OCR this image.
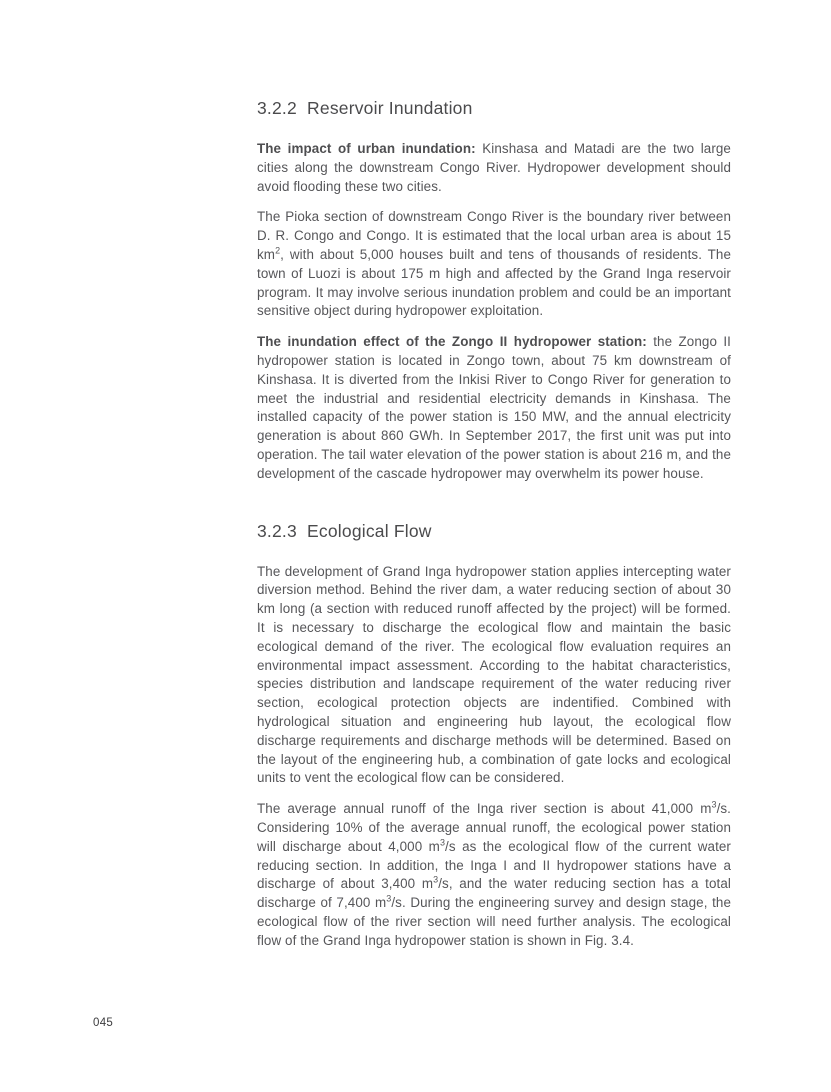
3.2.2  Reservoir Inundation

The impact of urban inundation: Kinshasa and Matadi are the two large cities along the downstream Congo River. Hydropower development should avoid flooding these two cities.

The Pioka section of downstream Congo River is the boundary river between D. R. Congo and Congo. It is estimated that the local urban area is about 15 $km^2$, with about 5,000 houses built and tens of thousands of residents. The town of Luozi is about 175 m high and affected by the Grand Inga reservoir program. It may involve serious inundation problem and could be an important sensitive object during hydropower exploitation.

The inundation effect of the Zongo II hydropower station: the Zongo II hydropower station is located in Zongo town, about 75 km downstream of Kinshasa. It is diverted from the Inkisi River to Congo River for generation to meet the industrial and residential electricity demands in Kinshasa. The installed capacity of the power station is 150 MW, and the annual electricity generation is about 860 GWh. In September 2017, the first unit was put into operation. The tail water elevation of the power station is about 216 m, and the development of the cascade hydropower may overwhelm its power house.

3.2.3  Ecological Flow

The development of Grand Inga hydropower station applies intercepting water diversion method. Behind the river dam, a water reducing section of about 30 km long (a section with reduced runoff affected by the project) will be formed. It is necessary to discharge the ecological flow and maintain the basic ecological demand of the river. The ecological flow evaluation requires an environmental impact assessment. According to the habitat characteristics, species distribution and landscape requirement of the water reducing river section, ecological protection objects are indentified. Combined with hydrological situation and engineering hub layout, the ecological flow discharge requirements and discharge methods will be determined. Based on the layout of the engineering hub, a combination of gate locks and ecological units to vent the ecological flow can be considered.

The average annual runoff of the Inga river section is about 41,000 $m^3/s$. Considering 10% of the average annual runoff, the ecological power station will discharge about 4,000 $m^3/s$ as the ecological flow of the current water reducing section. In addition, the Inga I and II hydropower stations have a discharge of about 3,400 $m^3/s$, and the water reducing section has a total discharge of 7,400 $m^3/s$. During the engineering survey and design stage, the ecological flow of the river section will need further analysis. The ecological flow of the Grand Inga hydropower station is shown in Fig. 3.4.

045
